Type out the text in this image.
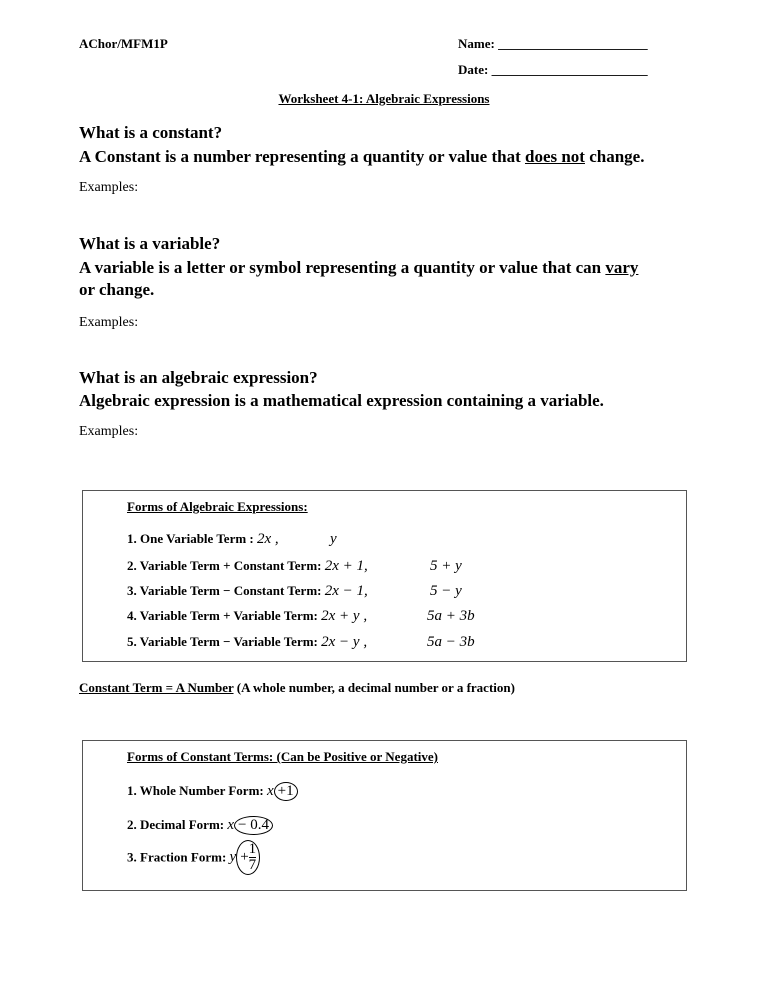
AChor/MFM1P	Name: _______________________
Date: ________________________
Worksheet 4-1: Algebraic Expressions
What is a constant?
A Constant is a number representing a quantity or value that does not change.
Examples:
What is a variable?
A variable is a letter or symbol representing a quantity or value that can vary
or change.
Examples:
What is an algebraic expression?
Algebraic expression is a mathematical expression containing a variable.
Examples:
Forms of Algebraic Expressions:
1. One Variable Term : 2x ,	y
2. Variable Term + Constant Term: 2x + 1,	5 + y
3. Variable Term − Constant Term: 2x − 1,	5 − y
4. Variable Term + Variable Term: 2x + y ,	5a + 3b
5. Variable Term − Variable Term: 2x − y ,	5a − 3b
Constant Term = A Number (A whole number, a decimal number or a fraction)
Forms of Constant Terms: (Can be Positive or Negative)
1. Whole Number Form: x +1
2. Decimal Form: x − 0.4
3. Fraction Form: $y + \frac{1}{7}$
